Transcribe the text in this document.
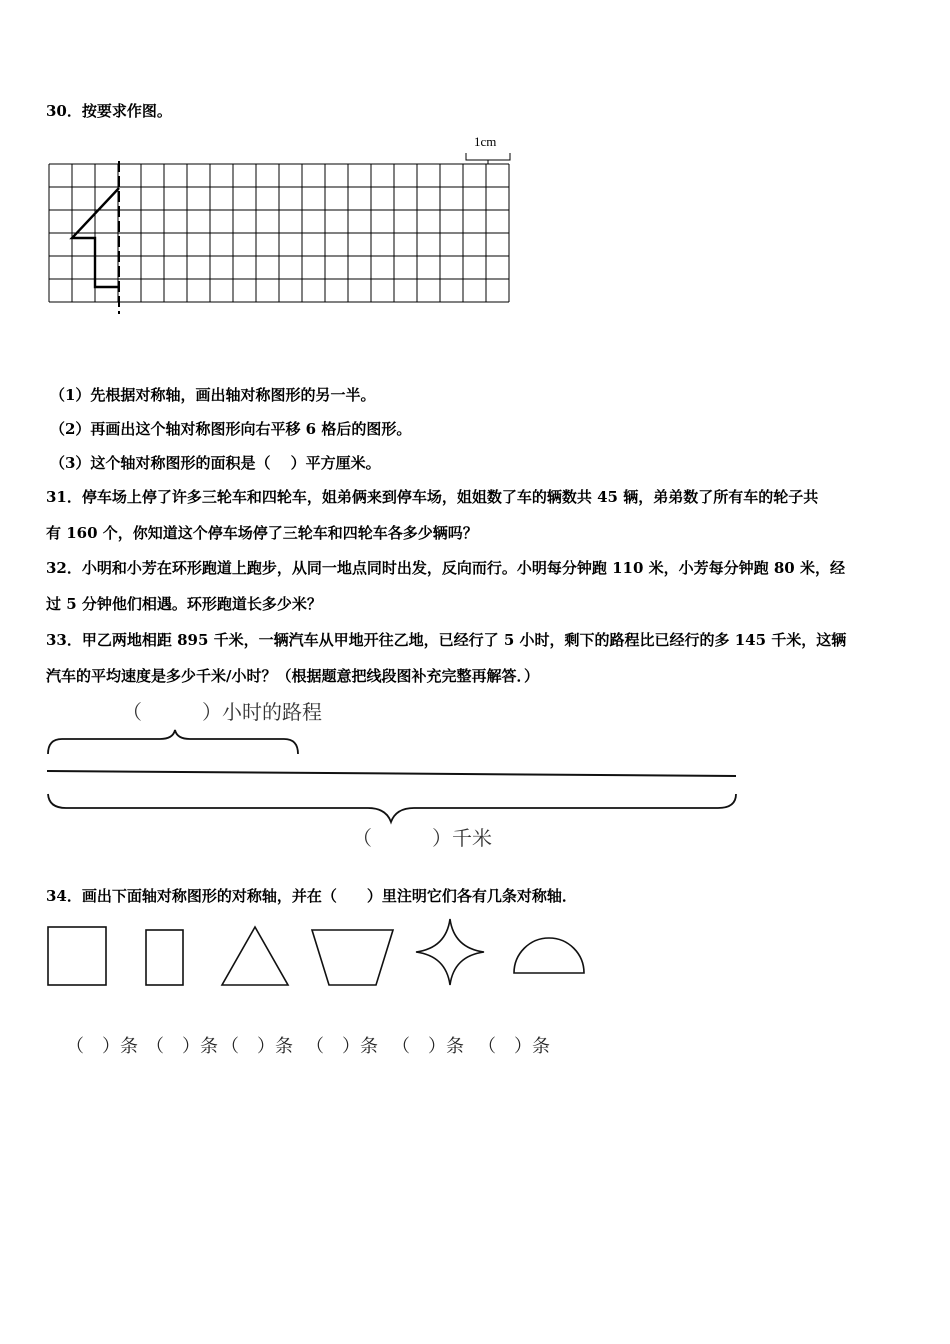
30．按要求作图。
1cm
（1）先根据对称轴，画出轴对称图形的另一半。
（2）再画出这个轴对称图形向右平移 6 格后的图形。
（3）这个轴对称图形的面积是（　 ）平方厘米。
31．停车场上停了许多三轮车和四轮车，姐弟俩来到停车场，姐姐数了车的辆数共 45 辆，弟弟数了所有车的轮子共
有 160 个，你知道这个停车场停了三轮车和四轮车各多少辆吗？
32．小明和小芳在环形跑道上跑步，从同一地点同时出发，反向而行。小明每分钟跑 110 米，小芳每分钟跑 80 米，经
过 5 分钟他们相遇。环形跑道长多少米？
33．甲乙两地相距 895 千米，一辆汽车从甲地开往乙地，已经行了 5 小时，剩下的路程比已经行的多 145 千米，这辆
汽车的平均速度是多少千米/小时？（根据题意把线段图补充完整再解答．）
（　　　）小时的路程
（　　　）千米
34．画出下面轴对称图形的对称轴，并在（　　）里注明它们各有几条对称轴．
（　）条 （　）条 （　）条 （　）条 （　）条 （　）条
